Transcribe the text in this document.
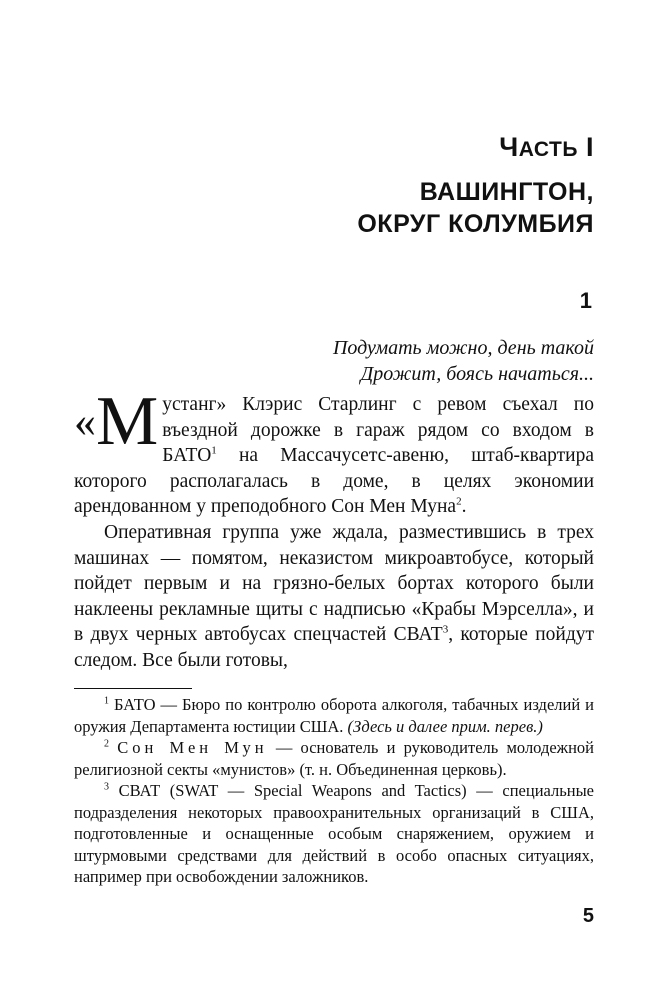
ЧАСТЬ I
ВАШИНГТОН,
ОКРУГ КОЛУМБИЯ
1
Подумать можно, день такой
Дрожит, боясь начаться...

«М устанг» Клэрис Старлинг с ревом съехал по въездной дорожке в гараж рядом со входом в БАТО$^1$ на Массачусетс-авеню, штаб-квартира которого располагалась в доме, в целях экономии арендованном у преподобного Сон Мен Муна$^2$.

Оперативная группа уже ждала, разместившись в трех машинах — помятом, неказистом микроавтобусе, который пойдет первым и на грязно-белых бортах которого были наклеены рекламные щиты с надписью «Крабы Мэрселла», и в двух черных автобусах спецчастей СВАТ$^3$, которые пойдут следом. Все были готовы,

$^1$ БАТО — Бюро по контролю оборота алкоголя, табачных изделий и оружия Департамента юстиции США. (Здесь и далее прим. перев.)

$^2$ Сон Мен Мун — основатель и руководитель молодежной религиозной секты «мунистов» (т. н. Объединенная церковь).

$^3$ СВАТ (SWAT — Special Weapons and Tactics) — специальные подразделения некоторых правоохранительных организаций в США, подготовленные и оснащенные особым снаряжением, оружием и штурмовыми средствами для действий в особо опасных ситуациях, например при освобождении заложников.

5
